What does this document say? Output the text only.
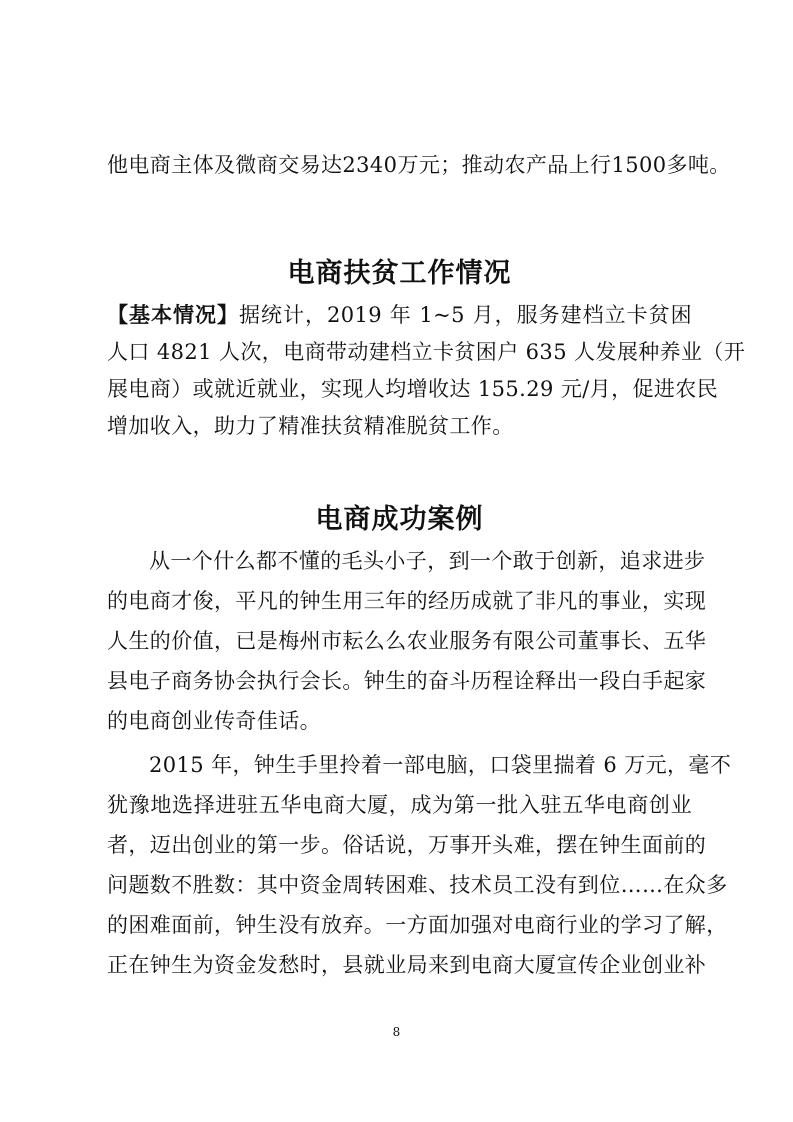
他电商主体及微商交易达2340万元；推动农产品上行1500多吨。
电商扶贫工作情况
【基本情况】据统计，2019 年 1~5 月，服务建档立卡贫困
人口 4821 人次，电商带动建档立卡贫困户 635 人发展种养业（开
展电商）或就近就业，实现人均增收达 155.29 元/月，促进农民
增加收入，助力了精准扶贫精准脱贫工作。
电商成功案例
从一个什么都不懂的毛头小子，到一个敢于创新，追求进步
的电商才俊，平凡的钟生用三年的经历成就了非凡的事业，实现
人生的价值，已是梅州市耘么么农业服务有限公司董事长、五华
县电子商务协会执行会长。钟生的奋斗历程诠释出一段白手起家
的电商创业传奇佳话。
2015 年，钟生手里拎着一部电脑，口袋里揣着 6 万元，毫不
犹豫地选择进驻五华电商大厦，成为第一批入驻五华电商创业
者，迈出创业的第一步。俗话说，万事开头难，摆在钟生面前的
问题数不胜数：其中资金周转困难、技术员工没有到位……在众多
的困难面前，钟生没有放弃。一方面加强对电商行业的学习了解，
正在钟生为资金发愁时，县就业局来到电商大厦宣传企业创业补
8
